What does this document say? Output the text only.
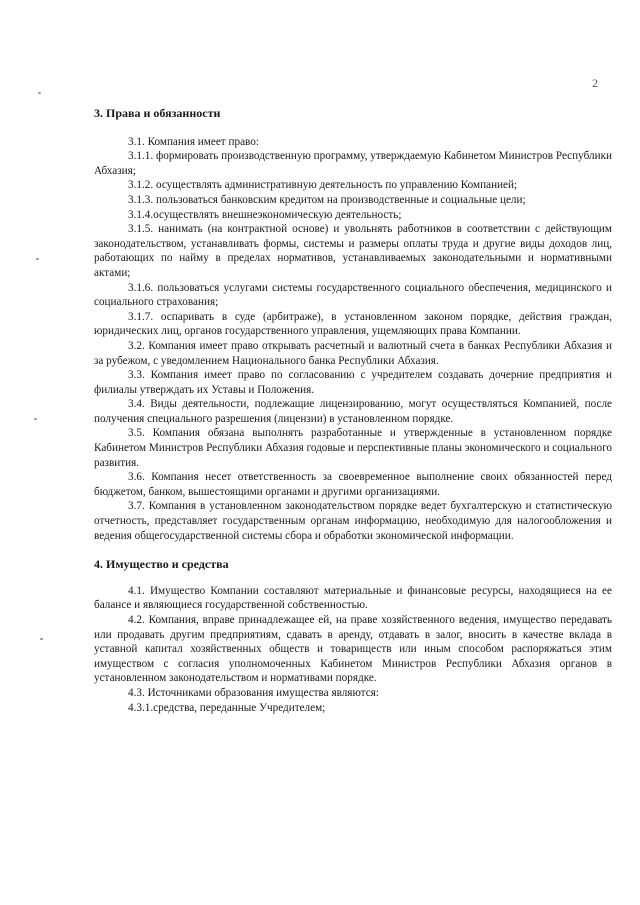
2
3. Права и обязанности

3.1. Компания имеет право:

3.1.1. формировать производственную программу, утверждаемую Кабинетом Министров Республики Абхазия;

3.1.2. осуществлять административную деятельность по управлению Компанией;

3.1.3. пользоваться банковским кредитом на производственные и социальные цели;

3.1.4.осуществлять внешнеэкономическую деятельность;

3.1.5. нанимать (на контрактной основе) и увольнять работников в соответствии с действующим законодательством, устанавливать формы, системы и размеры оплаты труда и другие виды доходов лиц, работающих по найму в пределах нормативов, устанавливаемых законодательными и нормативными актами;

3.1.6. пользоваться услугами системы государственного социального обеспечения, медицинского и социального страхования;

3.1.7. оспаривать в суде (арбитраже), в установленном законом порядке, действия граждан, юридических лиц, органов государственного управления, ущемляющих права Компании.

3.2. Компания имеет право открывать расчетный и валютный счета в банках Республики Абхазия и за рубежом, с уведомлением Национального банка Республики Абхазия.

3.3. Компания имеет право по согласованию с учредителем создавать дочерние предприятия и филиалы утверждать их Уставы и Положения.

3.4. Виды деятельности, подлежащие лицензированию, могут осуществляться Компанией, после получения специального разрешения (лицензии) в установленном порядке.

3.5. Компания обязана выполнять разработанные и утвержденные в установленном порядке Кабинетом Министров Республики Абхазия годовые и перспективные планы экономического и социального развития.

3.6. Компания несет ответственность за своевременное выполнение своих обязанностей перед бюджетом, банком, вышестоящими органами и другими организациями.

3.7. Компания в установленном законодательством порядке ведет бухгалтерскую и статистическую отчетность, представляет государственным органам информацию, необходимую для налогообложения и ведения общегосударственной системы сбора и обработки экономической информации.

4. Имущество и средства

4.1. Имущество Компании составляют материальные и финансовые ресурсы, находящиеся на ее балансе и являющиеся государственной собственностью.

4.2. Компания, вправе принадлежащее ей, на праве хозяйственного ведения, имущество передавать или продавать другим предприятиям, сдавать в аренду, отдавать в залог, вносить в качестве вклада в уставной капитал хозяйственных обществ и товариществ или иным способом распоряжаться этим имуществом с согласия уполномоченных Кабинетом Министров Республики Абхазия органов в установленном законодательством и нормативами порядке.

4.3. Источниками образования имущества являются:

4.3.1.средства, переданные Учредителем;
